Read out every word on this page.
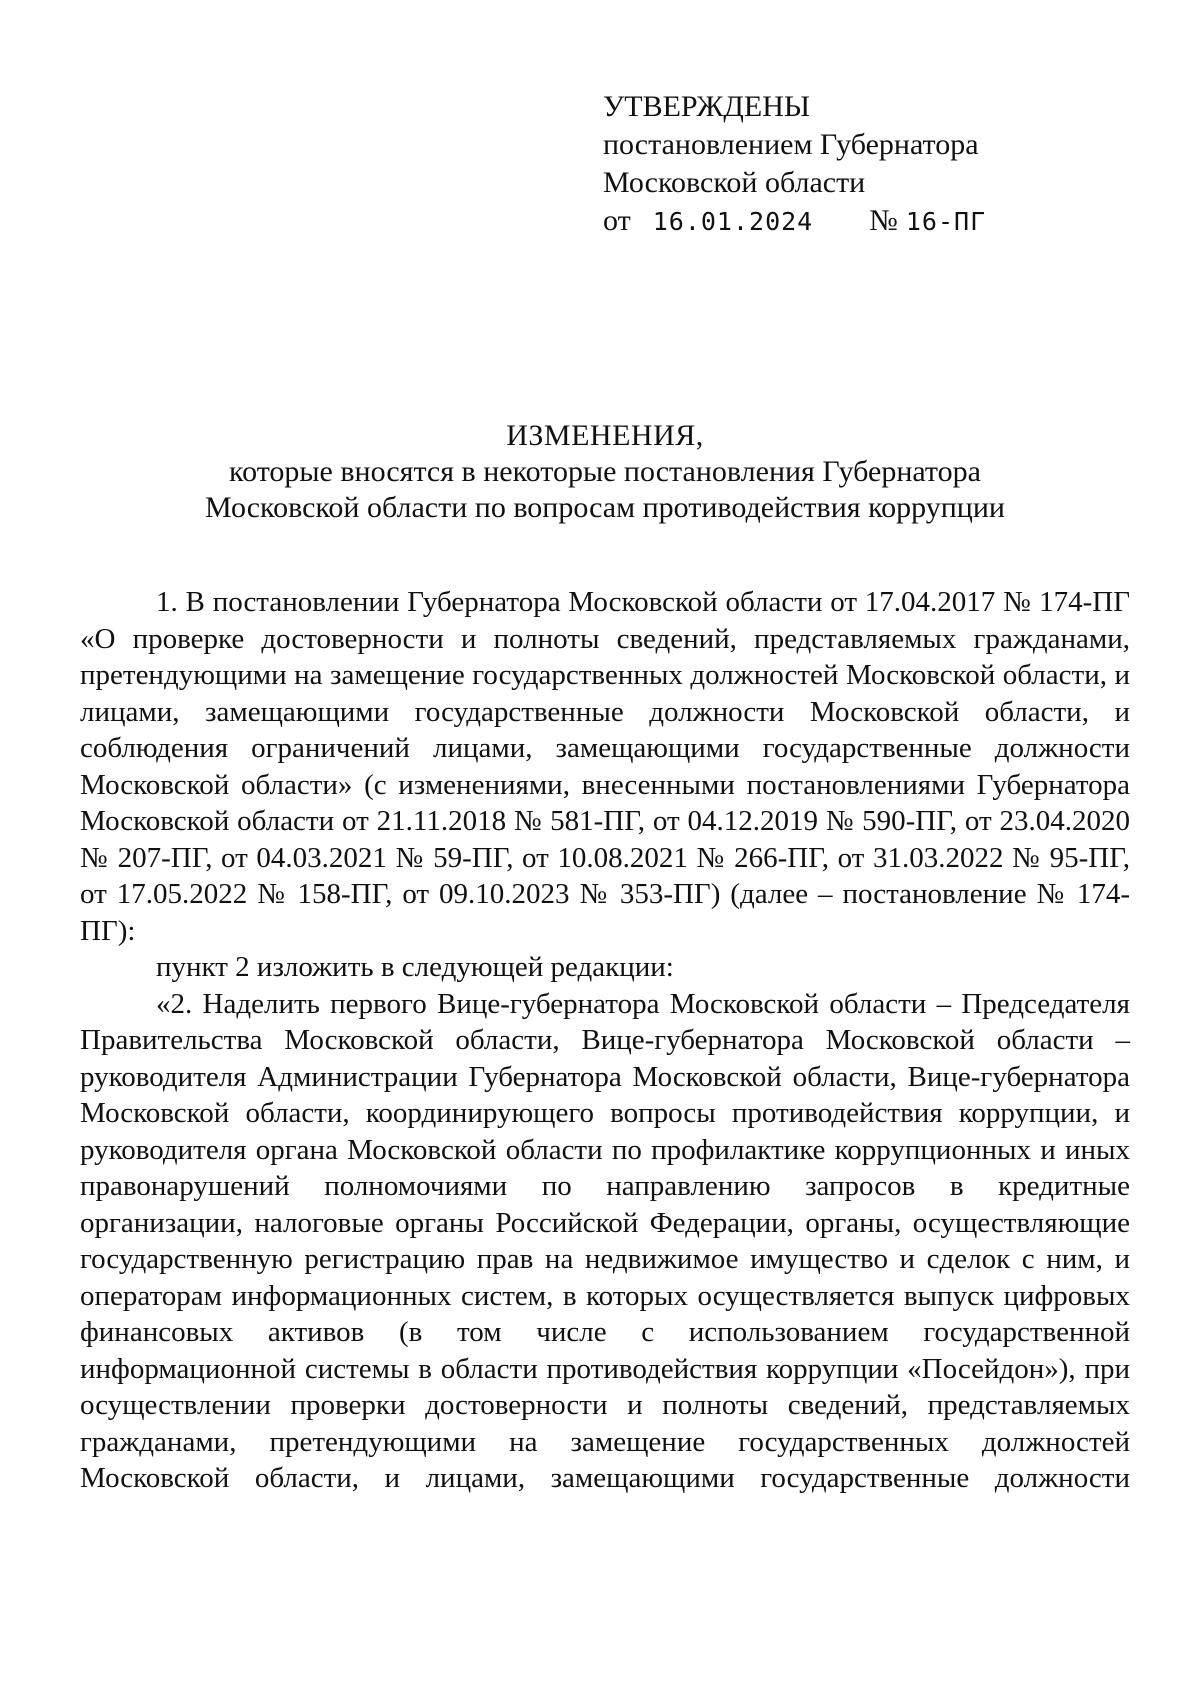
УТВЕРЖДЕНЫ
постановлением Губернатора
Московской области
от 16.01.2024 № 16-ПГ
ИЗМЕНЕНИЯ,
которые вносятся в некоторые постановления Губернатора
Московской области по вопросам противодействия коррупции

1. В постановлении Губернатора Московской области от 17.04.2017 № 174-ПГ «О проверке достоверности и полноты сведений, представляемых гражданами, претендующими на замещение государственных должностей Московской области, и лицами, замещающими государственные должности Московской области, и соблюдения ограничений лицами, замещающими государственные должности Московской области» (с изменениями, внесенными постановлениями Губернатора Московской области от 21.11.2018 № 581-ПГ, от 04.12.2019 № 590-ПГ, от 23.04.2020 № 207-ПГ, от 04.03.2021 № 59-ПГ, от 10.08.2021 № 266-ПГ, от 31.03.2022 № 95-ПГ, от 17.05.2022 № 158-ПГ, от 09.10.2023 № 353-ПГ) (далее – постановление № 174-ПГ):

пункт 2 изложить в следующей редакции:

«2. Наделить первого Вице-губернатора Московской области – Председателя Правительства Московской области, Вице-губернатора Московской области – руководителя Администрации Губернатора Московской области, Вице-губернатора Московской области, координирующего вопросы противодействия коррупции, и руководителя органа Московской области по профилактике коррупционных и иных правонарушений полномочиями по направлению запросов в кредитные организации, налоговые органы Российской Федерации, органы, осуществляющие государственную регистрацию прав на недвижимое имущество и сделок с ним, и операторам информационных систем, в которых осуществляется выпуск цифровых финансовых активов (в том числе с использованием государственной информационной системы в области противодействия коррупции «Посейдон»), при осуществлении проверки достоверности и полноты сведений, представляемых гражданами, претендующими на замещение государственных должностей Московской области, и лицами, замещающими государственные должности
